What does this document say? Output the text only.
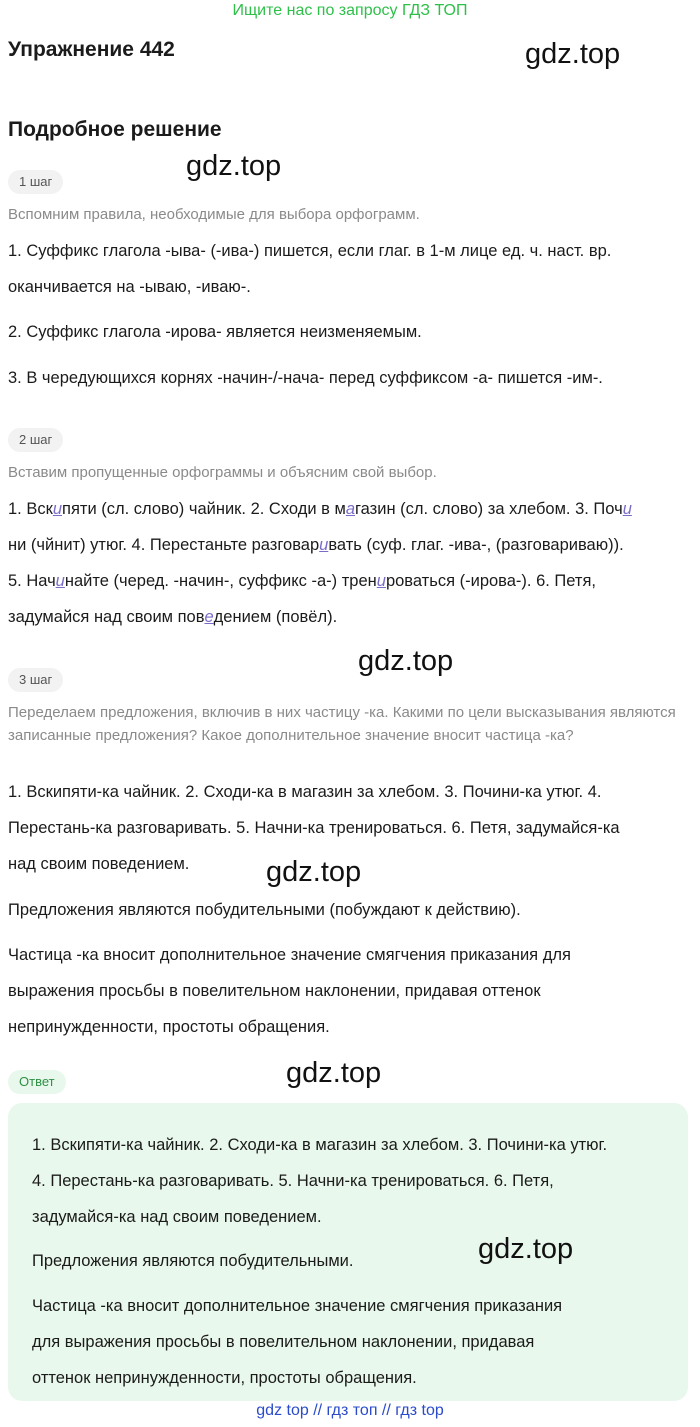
Ищите нас по запросу ГДЗ ТОП
Упражнение 442	gdz.top
Подробное решение
gdz.top
1 шаг
Вспомним правила, необходимые для выбора орфограмм.

1. Суффикс глагола -ыва- (-ива-) пишется, если глаг. в 1-м лице ед. ч. наст. вр.
оканчивается на -ываю, -иваю-.

2. Суффикс глагола -ирова- является неизменяемым.

3. В чередующихся корнях -начин-/-нача- перед суффиксом -а- пишется -им-.

2 шаг
Вставим пропущенные орфограммы и объясним свой выбор.

1. Вскипяти (сл. слово) чайник. 2. Сходи в магазин (сл. слово) за хлебом. 3. Почи
ни (чйнит) утюг. 4. Перестаньте разговаривать (суф. глаг. -ива-, (разговариваю)).
5. Начинайте (черед. -начин-, суффикс -а-) тренироваться (-ирова-). 6. Петя,
задумайся над своим поведением (повёл).

gdz.top
3 шаг
Переделаем предложения, включив в них частицу -ка. Какими по цели высказывания являются записанные предложения? Какое дополнительное значение вносит частица -ка?

1. Вскипяти-ка чайник. 2. Сходи-ка в магазин за хлебом. 3. Почини-ка утюг. 4.
Перестань-ка разговаривать. 5. Начни-ка тренироваться. 6. Петя, задумайся-ка
над своим поведением.	gdz.top

Предложения являются побудительными (побуждают к действию).

Частица -ка вносит дополнительное значение смягчения приказания для
выражения просьбы в повелительном наклонении, придавая оттенок
непринужденности, простоты обращения.

Ответ	gdz.top

1. Вскипяти-ка чайник. 2. Сходи-ка в магазин за хлебом. 3. Почини-ка утюг.
4. Перестань-ка разговаривать. 5. Начни-ка тренироваться. 6. Петя,
задумайся-ка над своим поведением.

gdz.top

Предложения являются побудительными.

Частица -ка вносит дополнительное значение смягчения приказания
для выражения просьбы в повелительном наклонении, придавая
оттенок непринужденности, простоты обращения.

gdz top // гдз топ // гдз top
